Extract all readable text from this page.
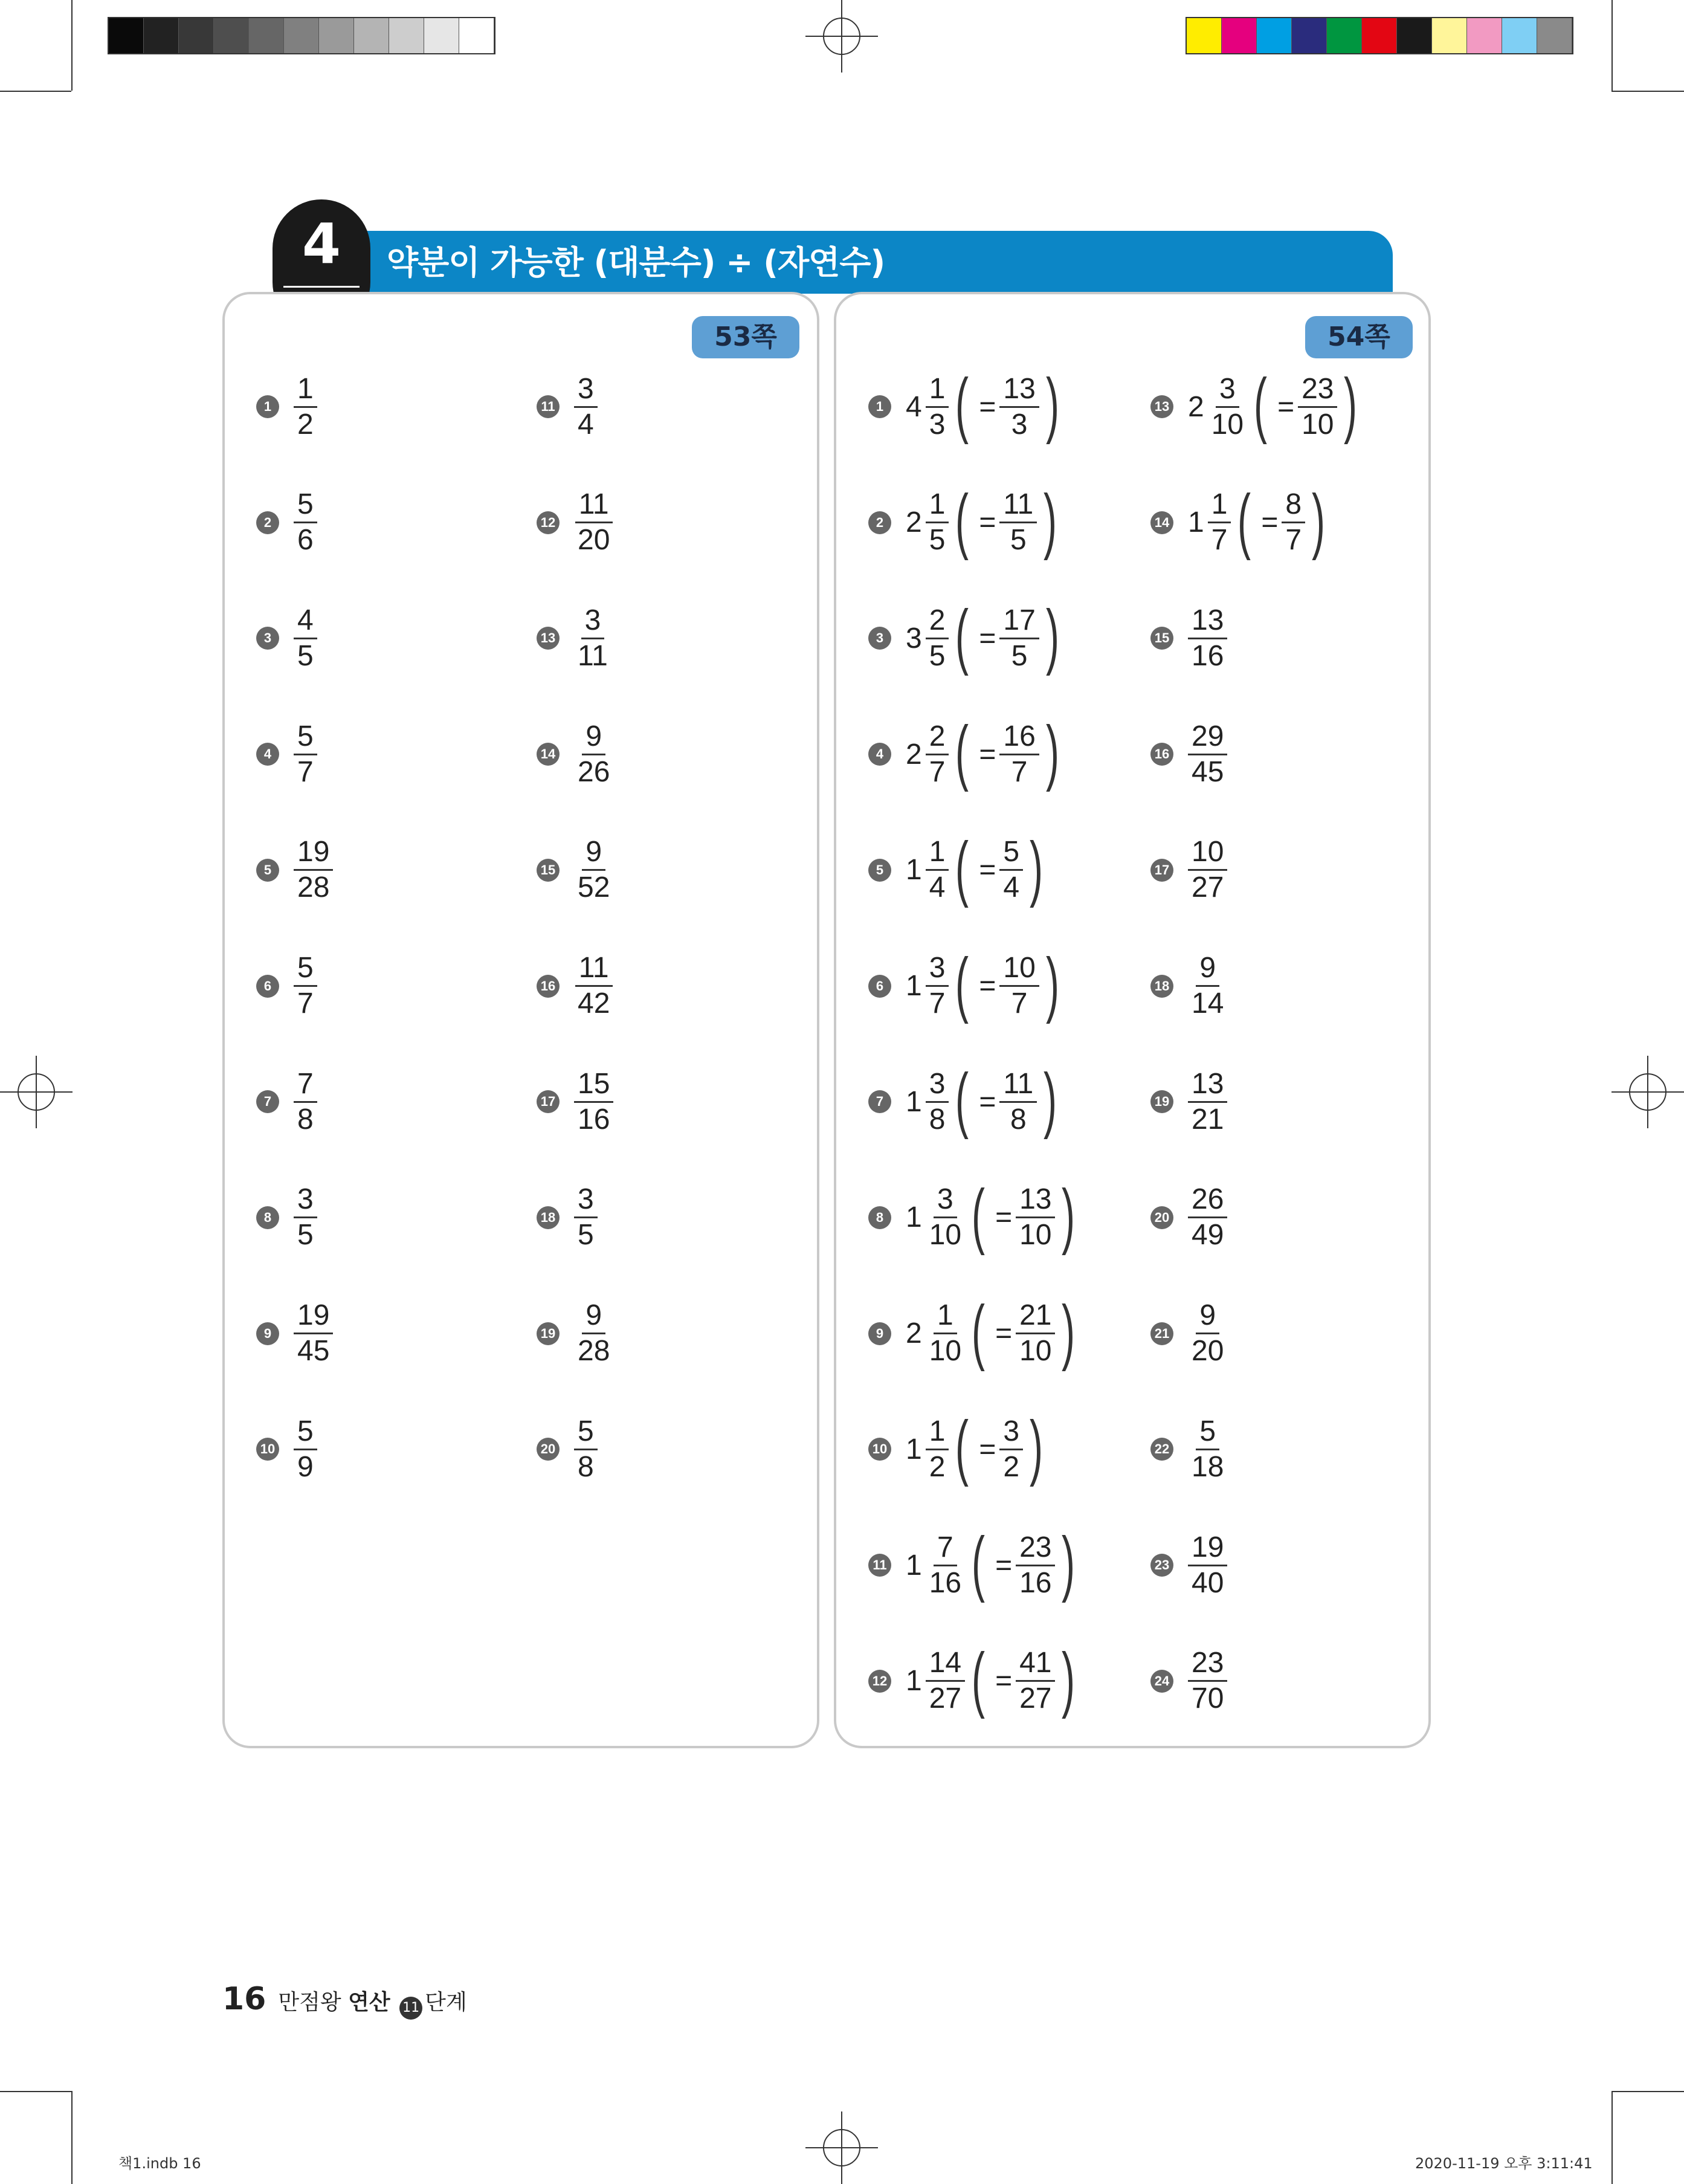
약분이 가능한 (대분수) ÷ (자연수)
4
53쪽	54쪽
$1 \frac{1}{2}$
$2 \frac{5}{6}$
$3 \frac{4}{5}$
$4 \frac{5}{7}$
$5 \frac{19}{28}$
$6 \frac{5}{7}$
$7 \frac{7}{8}$
$8 \frac{3}{5}$
$9 \frac{19}{45}$
$10 \frac{5}{9}$
$11 \frac{3}{4}$
$12 \frac{11}{20}$
$13 \frac{3}{11}$
$14 \frac{9}{26}$
$15 \frac{9}{52}$
$16 \frac{11}{42}$
$17 \frac{15}{16}$
$18 \frac{3}{5}$
$19 \frac{9}{28}$
$20 \frac{5}{8}$
1 $4 \frac{1}{3}$ ( = $\frac{13}{3}$ )
2 $2 \frac{1}{5}$ ( = $\frac{11}{5}$ )
3 $3 \frac{2}{5}$ ( = $\frac{17}{5}$ )
4 $2 \frac{2}{7}$ ( = $\frac{16}{7}$ )
5 $1 \frac{1}{4}$ ( = $\frac{5}{4}$ )
6 $1 \frac{3}{7}$ ( = $\frac{10}{7}$ )
7 $1 \frac{3}{8}$ ( = $\frac{11}{8}$ )
8 $1 \frac{3}{10}$ ( = $\frac{13}{10}$ )
9 $2 \frac{1}{10}$ ( = $\frac{21}{10}$ )
10 $1 \frac{1}{2}$ ( = $\frac{3}{2}$ )
11 $1 \frac{7}{16}$ ( = $\frac{23}{16}$ )
12 $1 \frac{14}{27}$ ( = $\frac{41}{27}$ )
13 $2 \frac{3}{10}$ ( = $\frac{23}{10}$ )
14 $1 \frac{1}{7}$ ( = $\frac{8}{7}$ )
$15 \frac{13}{16}$
$16 \frac{29}{45}$
$17 \frac{10}{27}$
$18 \frac{9}{14}$
$19 \frac{13}{21}$
$20 \frac{26}{49}$
$21 \frac{9}{20}$
$22 \frac{5}{18}$
$23 \frac{19}{40}$
$24 \frac{23}{70}$
16 만점왕 연산 11 단계
책1.indb 16	2020-11-19 오후 3:11:41
